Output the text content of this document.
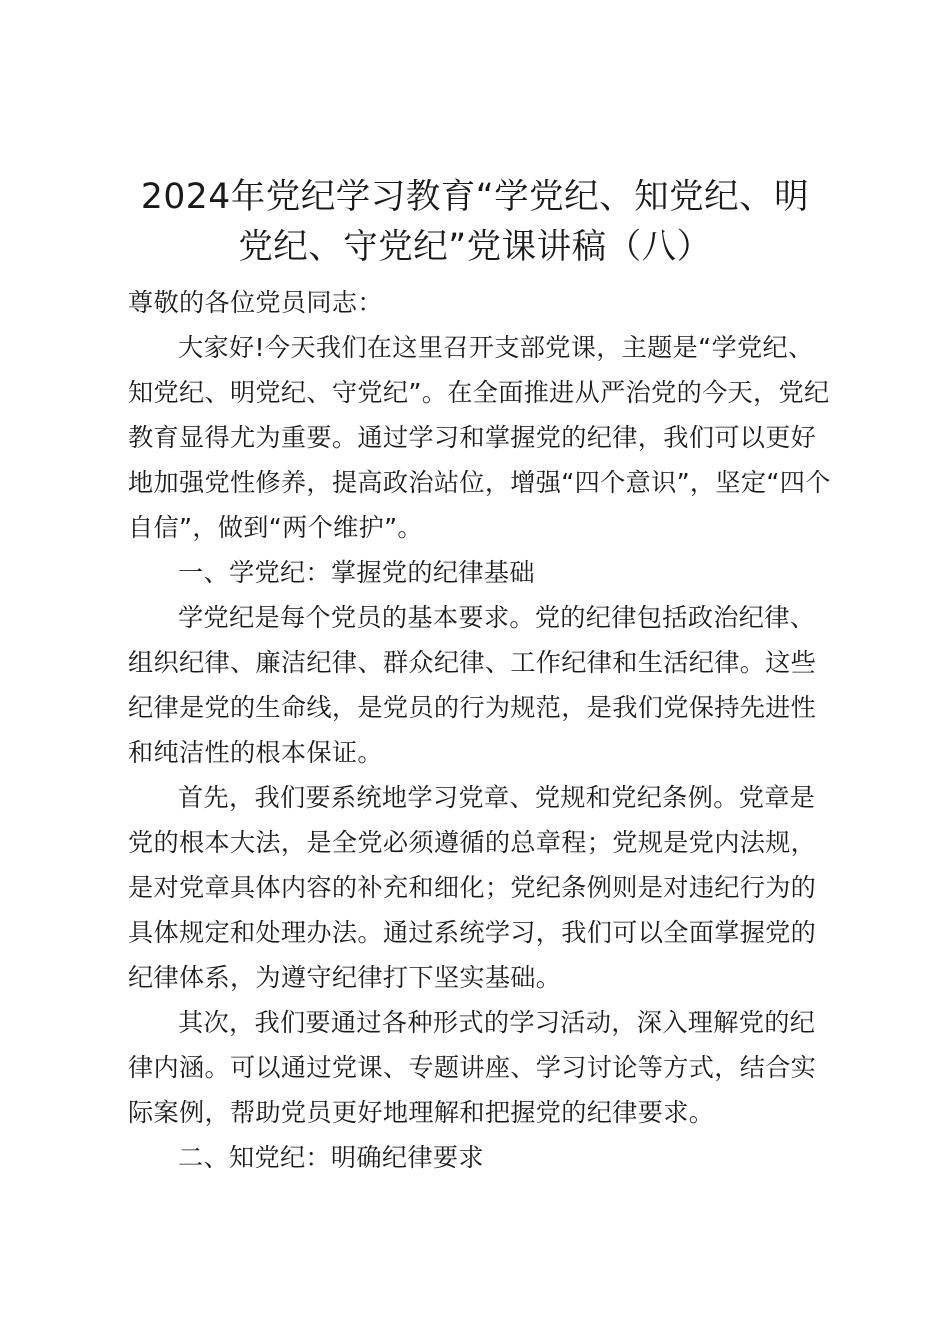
2024年党纪学习教育“学党纪、知党纪、明
党纪、守党纪”党课讲稿（八）
尊敬的各位党员同志：
大家好!今天我们在这里召开支部党课，主题是“学党纪、
知党纪、明党纪、守党纪”。在全面推进从严治党的今天，党纪
教育显得尤为重要。通过学习和掌握党的纪律，我们可以更好
地加强党性修养，提高政治站位，增强“四个意识”，坚定“四个
自信”，做到“两个维护”。
一、学党纪：掌握党的纪律基础
学党纪是每个党员的基本要求。党的纪律包括政治纪律、
组织纪律、廉洁纪律、群众纪律、工作纪律和生活纪律。这些
纪律是党的生命线，是党员的行为规范，是我们党保持先进性
和纯洁性的根本保证。
首先，我们要系统地学习党章、党规和党纪条例。党章是
党的根本大法，是全党必须遵循的总章程；党规是党内法规，
是对党章具体内容的补充和细化；党纪条例则是对违纪行为的
具体规定和处理办法。通过系统学习，我们可以全面掌握党的
纪律体系，为遵守纪律打下坚实基础。
其次，我们要通过各种形式的学习活动，深入理解党的纪
律内涵。可以通过党课、专题讲座、学习讨论等方式，结合实
际案例，帮助党员更好地理解和把握党的纪律要求。
二、知党纪：明确纪律要求
